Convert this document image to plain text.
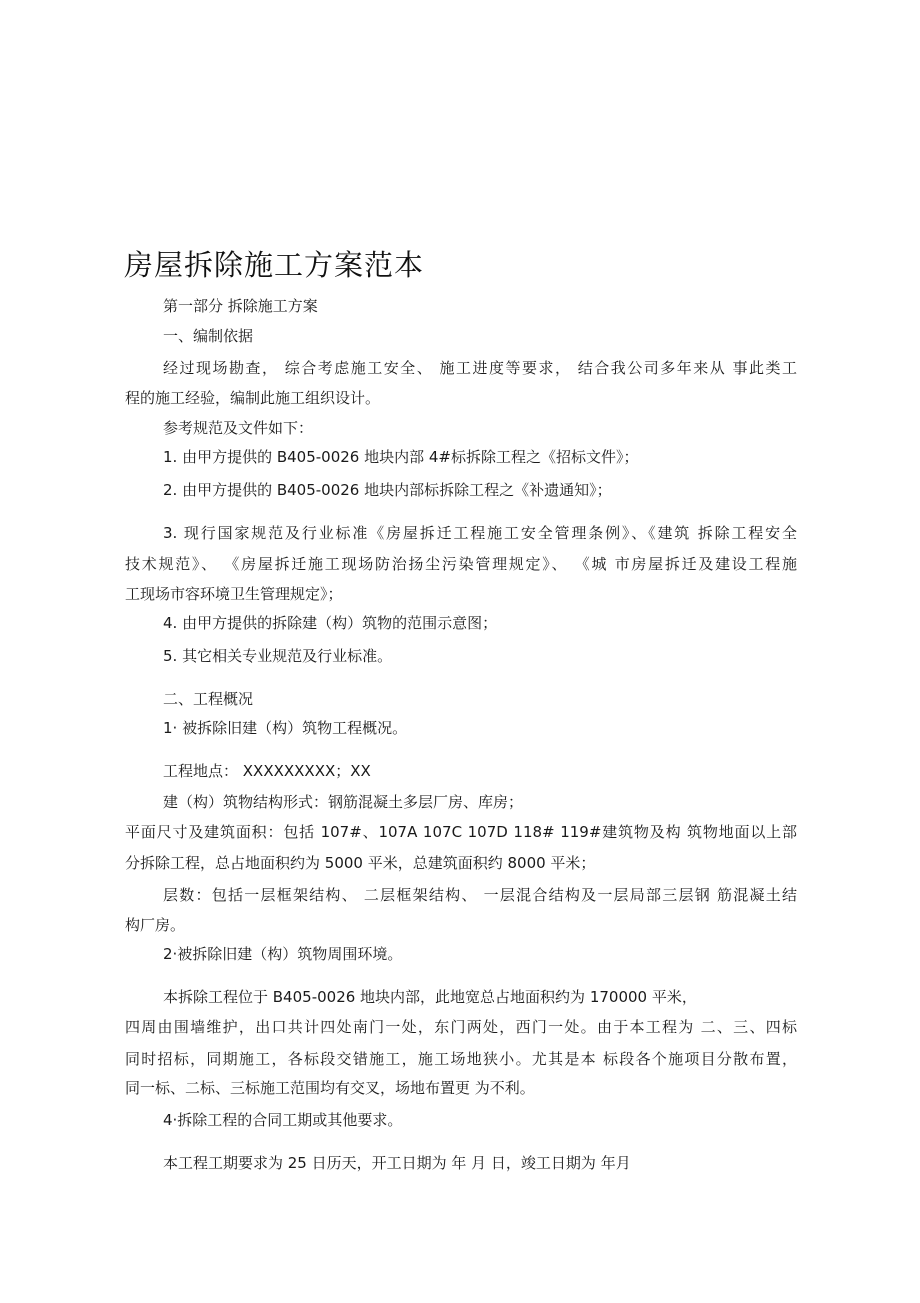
房屋拆除施工方案范本
第一部分 拆除施工方案
一、编制依据
经过现场勘查， 综合考虑施工安全、 施工进度等要求， 结合我公司多年来从 事此类工
程的施工经验，编制此施工组织设计。
参考规范及文件如下：
1. 由甲方提供的 B405-0026 地块内部 4#标拆除工程之《招标文件》；
2. 由甲方提供的 B405-0026 地块内部标拆除工程之《补遗通知》；
3. 现行国家规范及行业标准《房屋拆迁工程施工安全管理条例》、《建筑 拆除工程安全
技术规范》、 《房屋拆迁施工现场防治扬尘污染管理规定》、 《城 市房屋拆迁及建设工程施
工现场市容环境卫生管理规定》；
4. 由甲方提供的拆除建（构）筑物的范围示意图；
5. 其它相关专业规范及行业标准。
二、工程概况
1· 被拆除旧建（构）筑物工程概况。
工程地点： XXXXXXXXX；XX
建（构）筑物结构形式：钢筋混凝土多层厂房、库房；
平面尺寸及建筑面积：包括 107#、107A 107C 107D 118# 119#建筑物及构 筑物地面以上部
分拆除工程，总占地面积约为 5000 平米，总建筑面积约 8000 平米；
层数：包括一层框架结构、 二层框架结构、 一层混合结构及一层局部三层钢 筋混凝土结
构厂房。
2·被拆除旧建（构）筑物周围环境。
本拆除工程位于 B405-0026 地块内部，此地宽总占地面积约为 170000 平米，
四周由围墙维护，出口共计四处南门一处，东门两处，西门一处。由于本工程为 二、三、四标
同时招标，同期施工，各标段交错施工，施工场地狭小。尤其是本 标段各个施项目分散布置，
同一标、二标、三标施工范围均有交叉，场地布置更 为不利。
4·拆除工程的合同工期或其他要求。
本工程工期要求为 25 日历天，开工日期为 年 月 日，竣工日期为 年月
